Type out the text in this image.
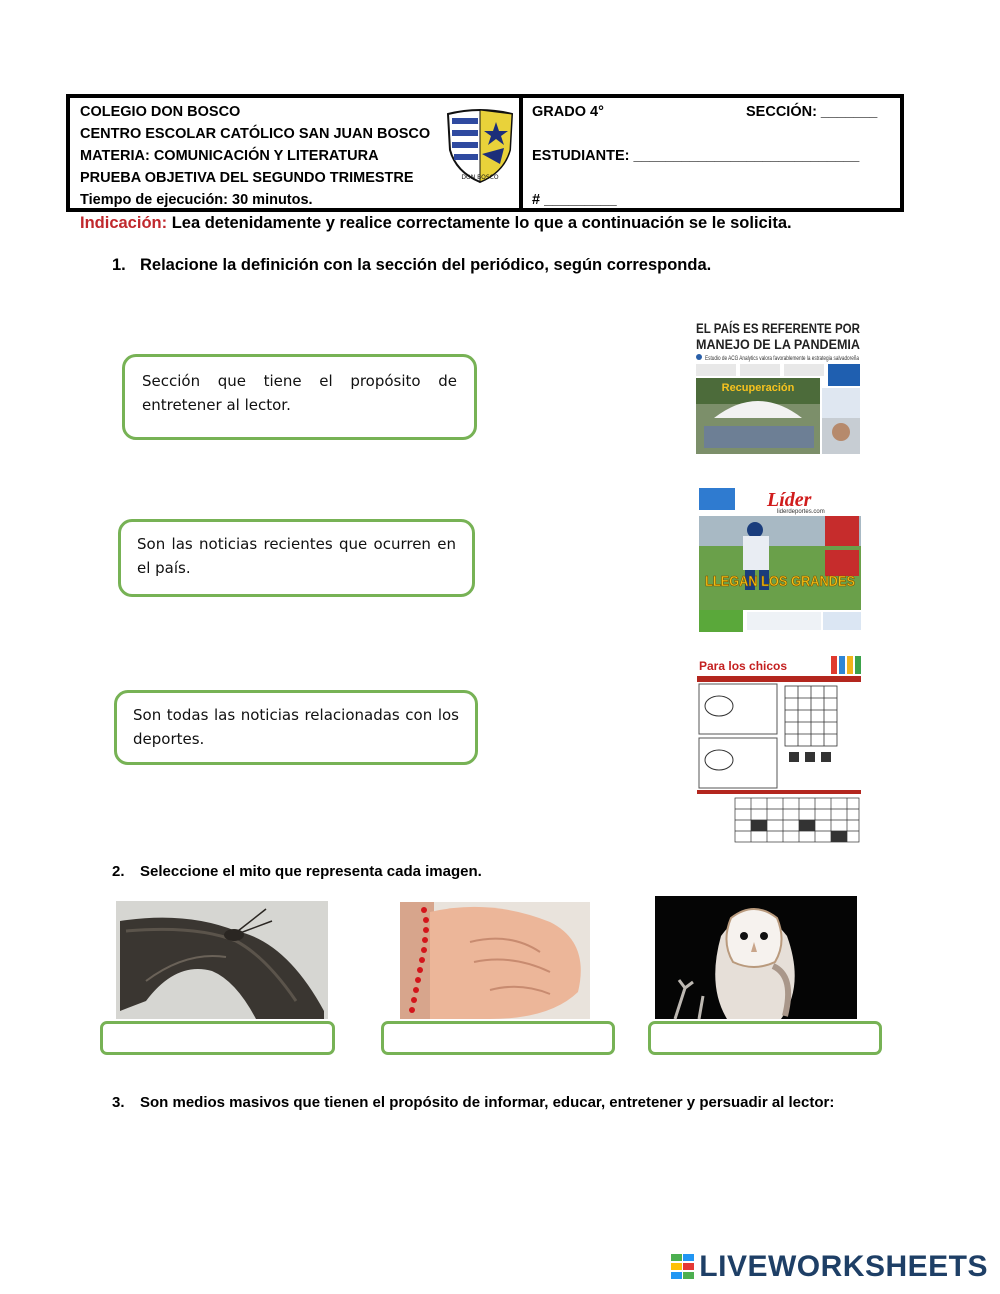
COLEGIO DON BOSCO
CENTRO ESCOLAR CATÓLICO SAN JUAN BOSCO
MATERIA: COMUNICACIÓN Y LITERATURA
PRUEBA OBJETIVA DEL SEGUNDO TRIMESTRE
Tiempo de ejecución: 30 minutos.
DON BOSCO
GRADO 4°	SECCIÓN: _______
ESTUDIANTE: ____________________________
# _________
Indicación: Lea detenidamente y realice correctamente lo que a continuación se le solicita.
1. Relacione la definición con la sección del periódico, según corresponda.
Sección que tiene el propósito de entretener al lector.
Son las noticias recientes que ocurren en el país.
Son todas las noticias relacionadas con los deportes.
EL PAÍS ES REFERENTE POR
MANEJO DE LA PANDEMIA
Estudio de ACG Analytics valora favorablemente la estrategia salvadoreña
Recuperación
Líder
liderdeportes.com
LLEGAN LOS GRANDES
Para los chicos
2. Seleccione el mito que representa cada imagen.
3. Son medios masivos que tienen el propósito de informar, educar, entretener y persuadir al lector:
LIVEWORKSHEETS
